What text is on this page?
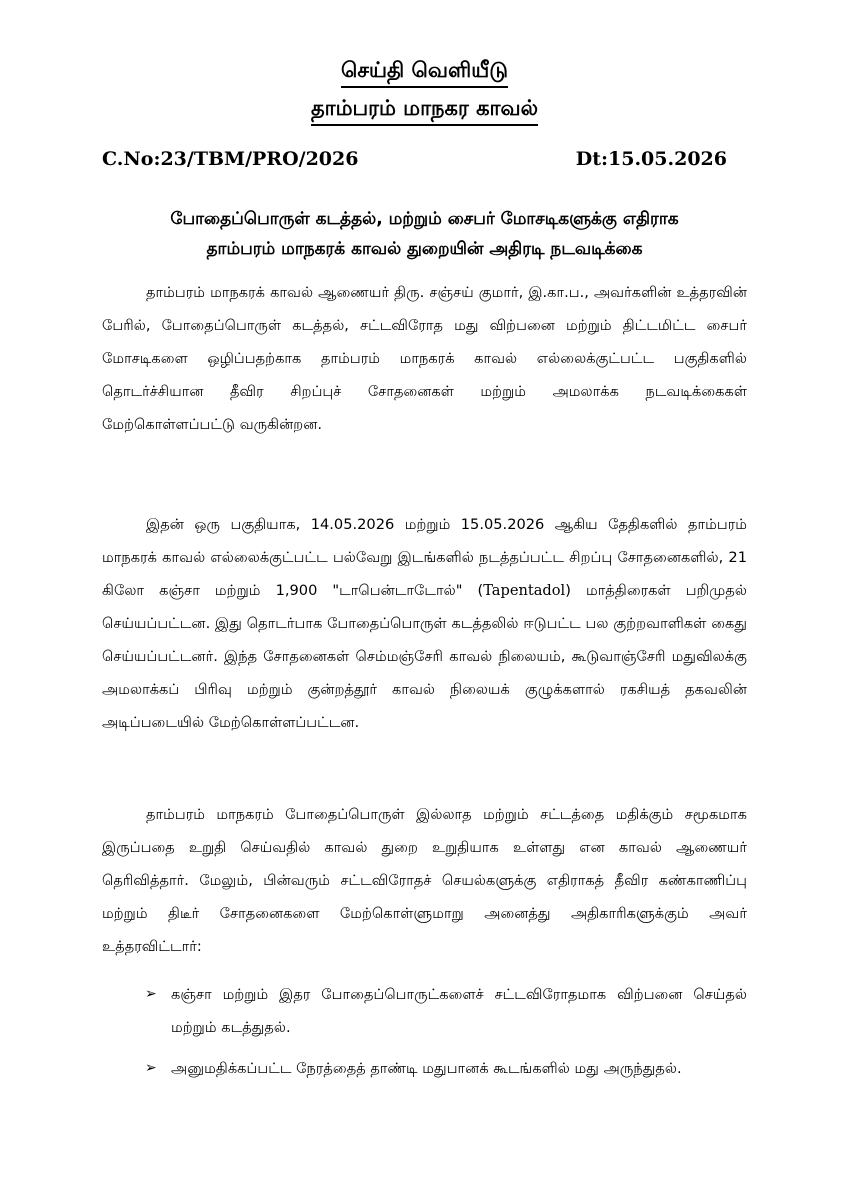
செய்தி வெளியீடு
தாம்பரம் மாநகர காவல்
C.No:23/TBM/PRO/2026	Dt:15.05.2026
போதைப்பொருள் கடத்தல், மற்றும் சைபர் மோசடிகளுக்கு எதிராக
தாம்பரம் மாநகரக் காவல் துறையின் அதிரடி நடவடிக்கை

தாம்பரம் மாநகரக் காவல் ஆணையர் திரு. சஞ்சய் குமார், இ.கா.ப., அவர்களின் உத்தரவின் பேரில், போதைப்பொருள் கடத்தல், சட்டவிரோத மது விற்பனை மற்றும் திட்டமிட்ட சைபர் மோசடிகளை ஒழிப்பதற்காக தாம்பரம் மாநகரக் காவல் எல்லைக்குட்பட்ட பகுதிகளில் தொடர்ச்சியான தீவிர சிறப்புச் சோதனைகள் மற்றும் அமலாக்க நடவடிக்கைகள் மேற்கொள்ளப்பட்டு வருகின்றன.

இதன் ஒரு பகுதியாக, 14.05.2026 மற்றும் 15.05.2026 ஆகிய தேதிகளில் தாம்பரம் மாநகரக் காவல் எல்லைக்குட்பட்ட பல்வேறு இடங்களில் நடத்தப்பட்ட சிறப்பு சோதனைகளில், 21 கிலோ கஞ்சா மற்றும் 1,900 "டாபென்டாடோல்" (Tapentadol) மாத்திரைகள் பறிமுதல் செய்யப்பட்டன. இது தொடர்பாக போதைப்பொருள் கடத்தலில் ஈடுபட்ட பல குற்றவாளிகள் கைது செய்யப்பட்டனர். இந்த சோதனைகள் செம்மஞ்சேரி காவல் நிலையம், கூடுவாஞ்சேரி மதுவிலக்கு அமலாக்கப் பிரிவு மற்றும் குன்றத்தூர் காவல் நிலையக் குழுக்களால் ரகசியத் தகவலின் அடிப்படையில் மேற்கொள்ளப்பட்டன.

தாம்பரம் மாநகரம் போதைப்பொருள் இல்லாத மற்றும் சட்டத்தை மதிக்கும் சமூகமாக இருப்பதை உறுதி செய்வதில் காவல் துறை உறுதியாக உள்ளது என காவல் ஆணையர் தெரிவித்தார். மேலும், பின்வரும் சட்டவிரோதச் செயல்களுக்கு எதிராகத் தீவிர கண்காணிப்பு மற்றும் திடீர் சோதனைகளை மேற்கொள்ளுமாறு அனைத்து அதிகாரிகளுக்கும் அவர் உத்தரவிட்டார்:

➢ கஞ்சா மற்றும் இதர போதைப்பொருட்களைச் சட்டவிரோதமாக விற்பனை செய்தல் மற்றும் கடத்துதல்.
➢ அனுமதிக்கப்பட்ட நேரத்தைத் தாண்டி மதுபானக் கூடங்களில் மது அருந்துதல்.
